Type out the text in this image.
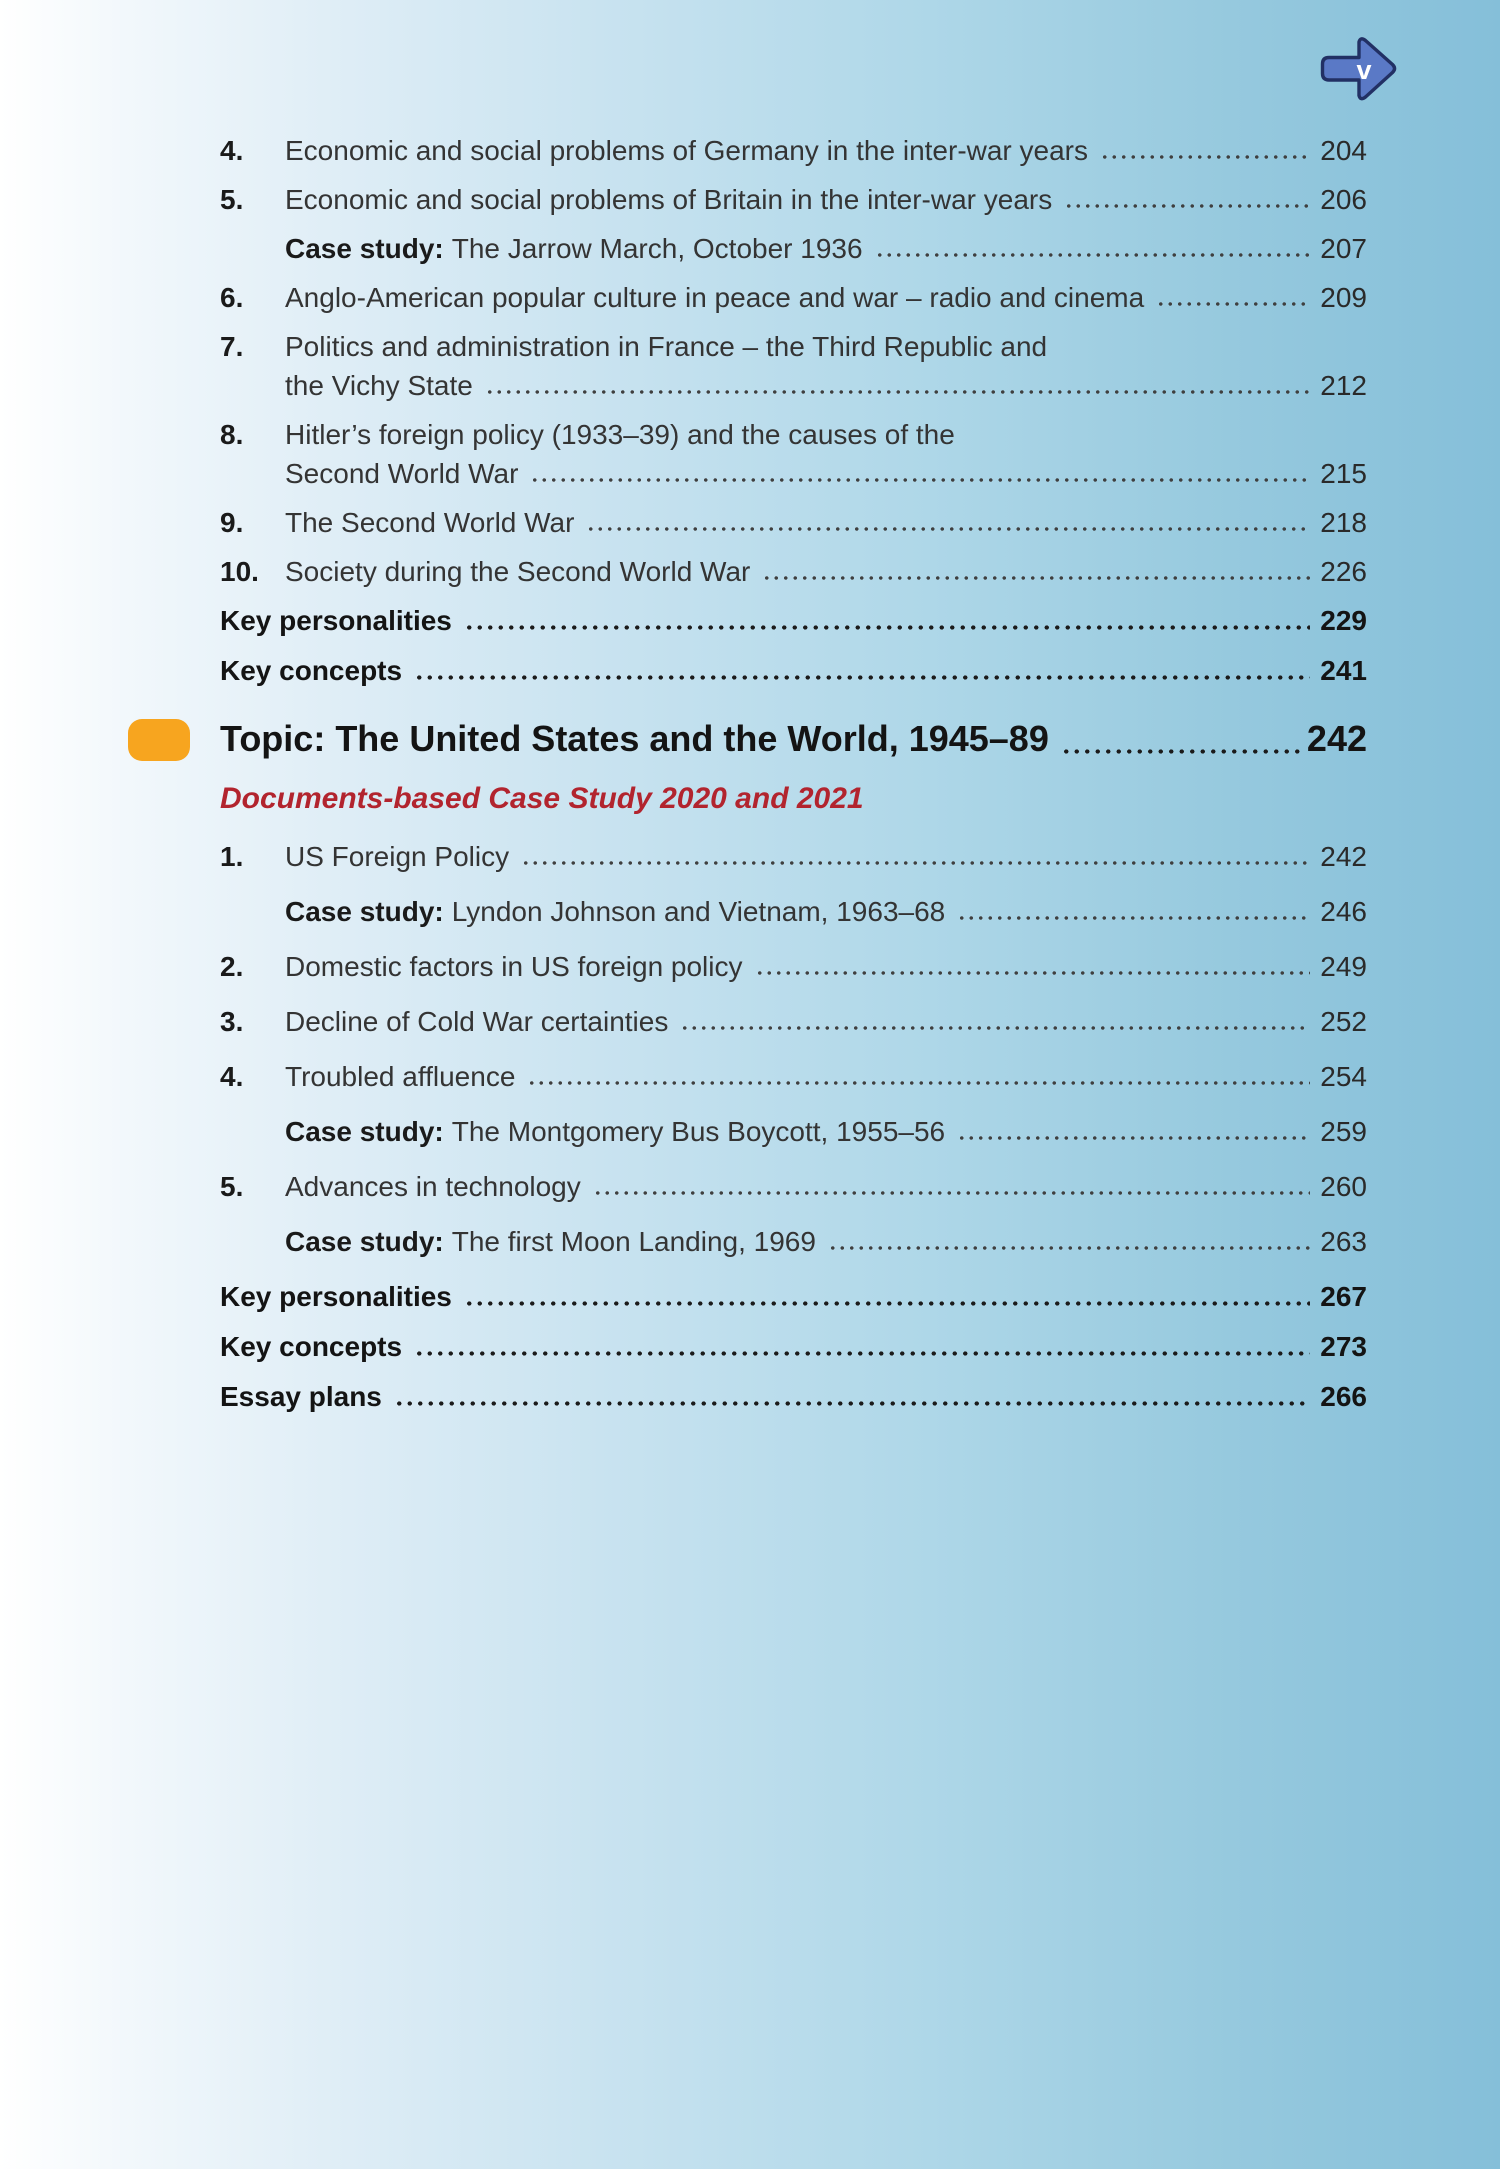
v
4.	Economic and social problems of Germany in the inter-war years	204
5.	Economic and social problems of Britain in the inter-war years	206
Case study: The Jarrow March, October 1936	207
6.	Anglo-American popular culture in peace and war – radio and cinema	209
7.	Politics and administration in France – the Third Republic and
the Vichy State	212
8.	Hitler’s foreign policy (1933–39) and the causes of the
Second World War	215
9.	The Second World War	218
10. Society during the Second World War	226
Key personalities	229
Key concepts	241
Topic: The United States and the World, 1945–89	242
Documents-based Case Study 2020 and 2021
1.	US Foreign Policy	242
Case study: Lyndon Johnson and Vietnam, 1963–68	246
2.	Domestic factors in US foreign policy	249
3.	Decline of Cold War certainties	252
4.	Troubled affluence	254
Case study: The Montgomery Bus Boycott, 1955–56	259
5.	Advances in technology	260
Case study: The first Moon Landing, 1969	263
Key personalities	267
Key concepts	273
Essay plans	266
